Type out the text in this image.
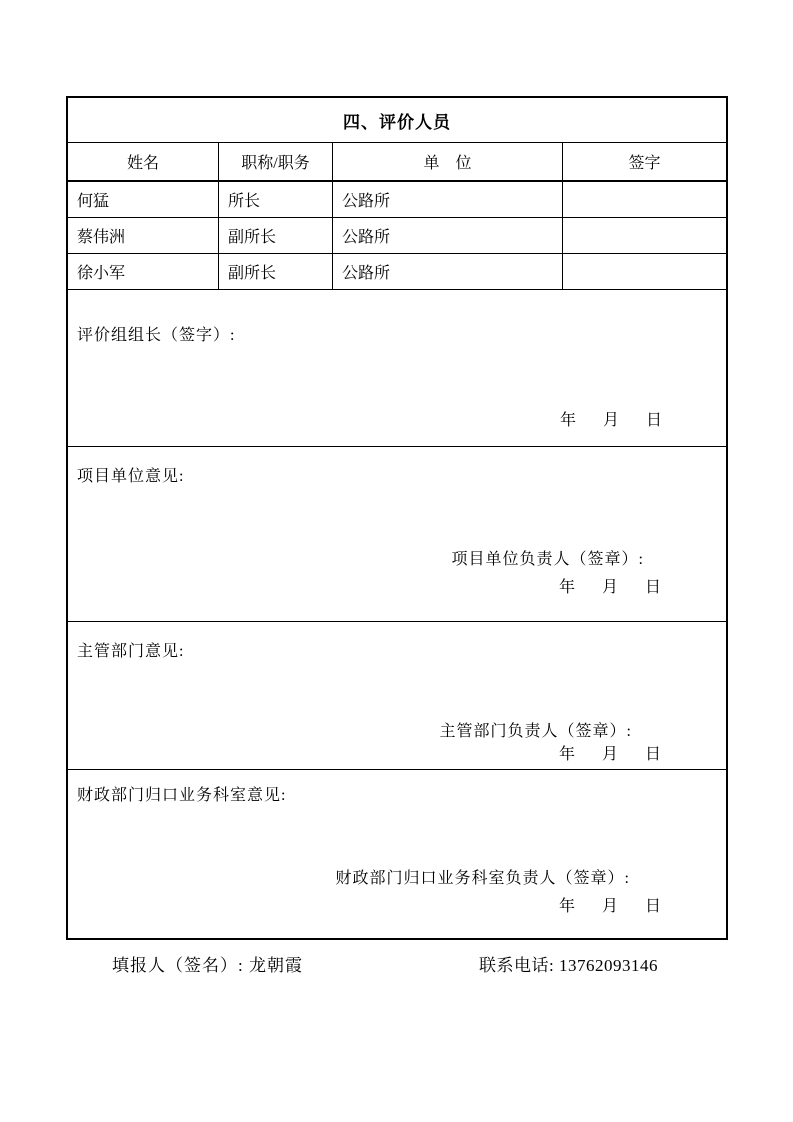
四、评价人员
姓名	职称/职务	单　位	签字
何猛	所长	公路所
蔡伟洲	副所长	公路所
徐小军	副所长	公路所
评价组组长（签字）:
年 月 日
项目单位意见:
项目单位负责人（签章）:
年 月 日
主管部门意见:
主管部门负责人（签章）:
年 月 日
财政部门归口业务科室意见:
财政部门归口业务科室负责人（签章）:
年 月 日
填报人（签名）: 龙朝霞	联系电话: 13762093146
